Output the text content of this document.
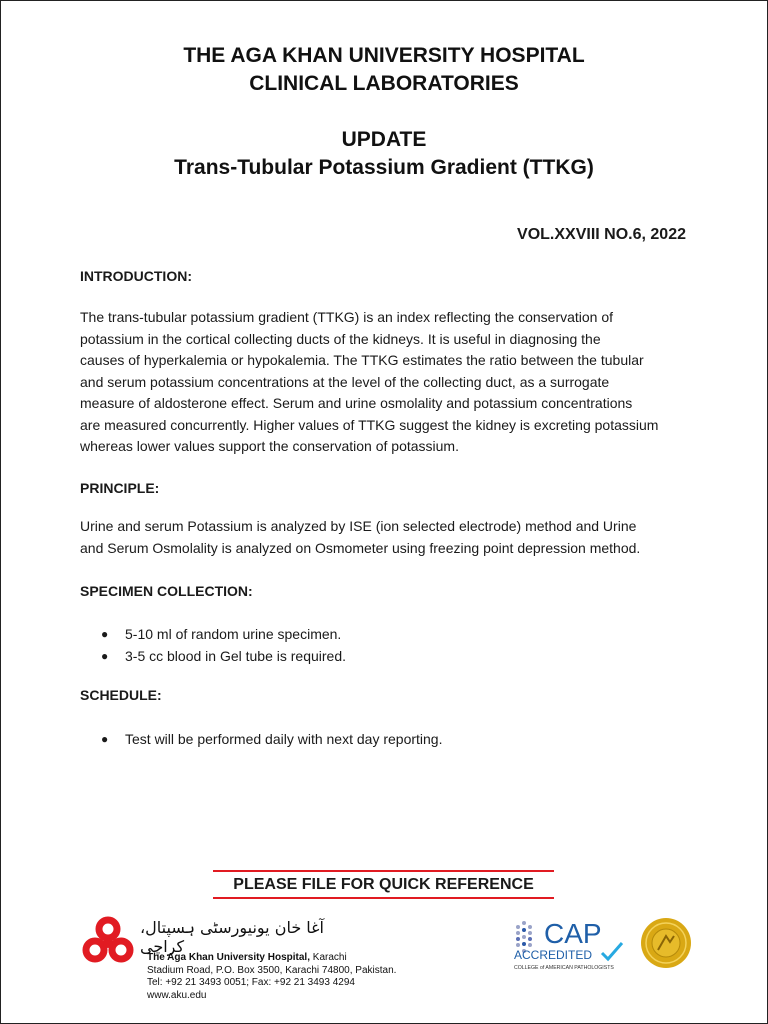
THE AGA KHAN UNIVERSITY HOSPITAL
CLINICAL LABORATORIES
UPDATE
Trans-Tubular Potassium Gradient (TTKG)
VOL.XXVIII NO.6, 2022
INTRODUCTION:
The trans-tubular potassium gradient (TTKG) is an index reflecting the conservation of
potassium in the cortical collecting ducts of the kidneys. It is useful in diagnosing the
causes of hyperkalemia or hypokalemia. The TTKG estimates the ratio between the tubular
and serum potassium concentrations at the level of the collecting duct, as a surrogate
measure of aldosterone effect. Serum and urine osmolality and potassium concentrations
are measured concurrently. Higher values of TTKG suggest the kidney is excreting potassium
whereas lower values support the conservation of potassium.
PRINCIPLE:
Urine and serum Potassium is analyzed by ISE (ion selected electrode) method and Urine
and Serum Osmolality is analyzed on Osmometer using freezing point depression method.
SPECIMEN COLLECTION:
● 5-10 ml of random urine specimen.
● 3-5 cc blood in Gel tube is required.
SCHEDULE:
● Test will be performed daily with next day reporting.
PLEASE FILE FOR QUICK REFERENCE
آغا خان یونیورسٹی ہسپتال، کراچی
The Aga Khan University Hospital, Karachi
Stadium Road, P.O. Box 3500, Karachi 74800, Pakistan.
Tel: +92 21 3493 0051; Fax: +92 21 3493 4294
www.aku.edu
CAP
ACCREDITED
COLLEGE of AMERICAN PATHOLOGISTS
